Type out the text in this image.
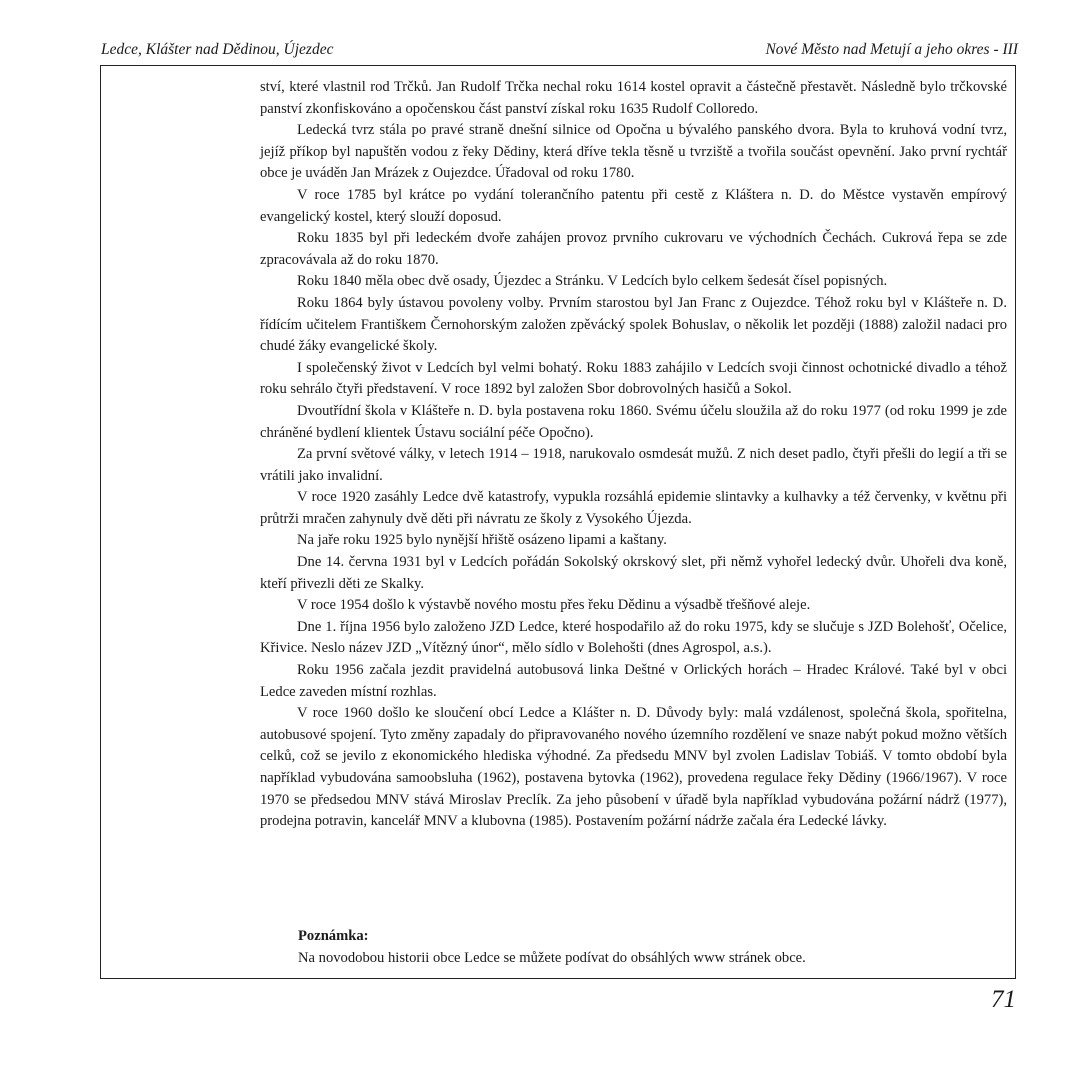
Ledce, Klášter nad Dědinou, Újezdec	Nové Město nad Metují a jeho okres - III

ství, které vlastnil rod Trčků. Jan Rudolf Trčka nechal roku 1614 kostel opravit a částečně přestavět. Následně bylo trčkovské panství zkonfiskováno a opočenskou část panství získal roku 1635 Rudolf Colloredo.

Ledecká tvrz stála po pravé straně dnešní silnice od Opočna u bývalého panského dvora. Byla to kruhová vodní tvrz, jejíž příkop byl napuštěn vodou z řeky Dědiny, která dříve tekla těsně u tvrziště a tvořila součást opevnění. Jako první rychtář obce je uváděn Jan Mrázek z Oujezdce. Úřadoval od roku 1780.

V roce 1785 byl krátce po vydání tolerančního patentu při cestě z Kláštera n. D. do Městce vystavěn empírový evangelický kostel, který slouží doposud.

Roku 1835 byl při ledeckém dvoře zahájen provoz prvního cukrovaru ve východních Čechách. Cukrová řepa se zde zpracovávala až do roku 1870.

Roku 1840 měla obec dvě osady, Újezdec a Stránku. V Ledcích bylo celkem šedesát čísel popisných.

Roku 1864 byly ústavou povoleny volby. Prvním starostou byl Jan Franc z Oujezdce. Téhož roku byl v Klášteře n. D. řídícím učitelem Františkem Černohorským založen zpěvácký spolek Bohuslav, o několik let později (1888) založil nadaci pro chudé žáky evangelické školy.

I společenský život v Ledcích byl velmi bohatý. Roku 1883 zahájilo v Ledcích svoji činnost ochotnické divadlo a téhož roku sehrálo čtyři představení. V roce 1892 byl založen Sbor dobrovolných hasičů a Sokol.

Dvoutřídní škola v Klášteře n. D. byla postavena roku 1860. Svému účelu sloužila až do roku 1977 (od roku 1999 je zde chráněné bydlení klientek Ústavu sociální péče Opočno).

Za první světové války, v letech 1914 – 1918, narukovalo osmdesát mužů. Z nich deset padlo, čtyři přešli do legií a tři se vrátili jako invalidní.

V roce 1920 zasáhly Ledce dvě katastrofy, vypukla rozsáhlá epidemie slintavky a kulhavky a též červenky, v květnu při průtrži mračen zahynuly dvě děti při návratu ze školy z Vysokého Újezda.

Na jaře roku 1925 bylo nynější hřiště osázeno lipami a kaštany.

Dne 14. června 1931 byl v Ledcích pořádán Sokolský okrskový slet, při němž vyhořel ledecký dvůr. Uhořeli dva koně, kteří přivezli děti ze Skalky.

V roce 1954 došlo k výstavbě nového mostu přes řeku Dědinu a výsadbě třešňové aleje.

Dne 1. října 1956 bylo založeno JZD Ledce, které hospodařilo až do roku 1975, kdy se slučuje s JZD Bolehošť, Očelice, Křivice. Neslo název JZD „Vítězný únor“, mělo sídlo v Bolehošti (dnes Agrospol, a.s.).

Roku 1956 začala jezdit pravidelná autobusová linka Deštné v Orlických horách – Hradec Králové. Také byl v obci Ledce zaveden místní rozhlas.

V roce 1960 došlo ke sloučení obcí Ledce a Klášter n. D. Důvody byly: malá vzdálenost, společná škola, spořitelna, autobusové spojení. Tyto změny zapadaly do připravovaného nového územního rozdělení ve snaze nabýt pokud možno větších celků, což se jevilo z ekonomického hlediska výhodné. Za předsedu MNV byl zvolen Ladislav Tobiáš. V tomto období byla například vybudována samoobsluha (1962), postavena bytovka (1962), provedena regulace řeky Dědiny (1966/1967). V roce 1970 se předsedou MNV stává Miroslav Preclík. Za jeho působení v úřadě byla například vybudována požární nádrž (1977), prodejna potravin, kancelář MNV a klubovna (1985). Postavením požární nádrže začala éra Ledecké lávky.

Poznámka:
Na novodobou historii obce Ledce se můžete podívat do obsáhlých www stránek obce.
71
